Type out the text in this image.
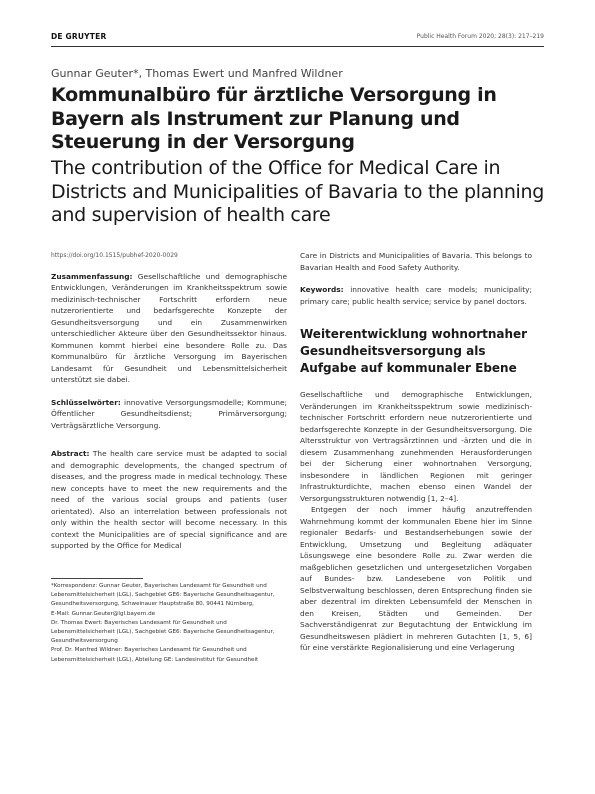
DE GRUYTER	Public Health Forum 2020; 28(3): 217–219
Gunnar Geuter*, Thomas Ewert und Manfred Wildner
Kommunalbüro für ärztliche Versorgung in Bayern als Instrument zur Planung und Steuerung in der Versorgung
The contribution of the Office for Medical Care in Districts and Municipalities of Bavaria to the planning and supervision of health care
https://doi.org/10.1515/pubhef-2020-0029

Zusammenfassung: Gesellschaftliche und demographische Entwicklungen, Veränderungen im Krankheitsspektrum sowie medizinisch-technischer Fortschritt erfordern neue nutzerorientierte und bedarfsgerechte Konzepte der Gesundheitsversorgung und ein Zusammenwirken unterschiedlicher Akteure über den Gesundheitssektor hinaus. Kommunen kommt hierbei eine besondere Rolle zu. Das Kommunalbüro für ärztliche Versorgung im Bayerischen Landesamt für Gesundheit und Lebensmittelsicherheit unterstützt sie dabei.

Schlüsselwörter: innovative Versorgungsmodelle; Kommune; Öffentlicher Gesundheitsdienst; Primärversorgung; Verträgsärztliche Versorgung.

Abstract: The health care service must be adapted to social and demographic developments, the changed spectrum of diseases, and the progress made in medical technology. These new concepts have to meet the new requirements and the need of the various social groups and patients (user orientated). Also an interrelation between professionals not only within the health sector will become necessary. In this context the Municipalities are of special significance and are supported by the Office for Medical

Care in Districts and Municipalities of Bavaria. This belongs to Bavarian Health and Food Safety Authority.

Keywords: innovative health care models; municipality; primary care; public health service; service by panel doctors.

Weiterentwicklung wohnortnaher Gesundheitsversorgung als Aufgabe auf kommunaler Ebene

Gesellschaftliche und demographische Entwicklungen, Veränderungen im Krankheitsspektrum sowie medizinisch-technischer Fortschritt erfordern neue nutzerorientierte und bedarfsgerechte Konzepte in der Gesundheitsversorgung. Die Altersstruktur von Vertragsärztinnen und -ärzten und die in diesem Zusammenhang zunehmenden Herausforderungen bei der Sicherung einer wohnortnahen Versorgung, insbesondere in ländlichen Regionen mit geringer Infrastrukturdichte, machen ebenso einen Wandel der Versorgungsstrukturen notwendig [1, 2–4].

Entgegen der noch immer häufig anzutreffenden Wahrnehmung kommt der kommunalen Ebene hier im Sinne regionaler Bedarfs- und Bestandserhebungen sowie der Entwicklung, Umsetzung und Begleitung adäquater Lösungswege eine besondere Rolle zu. Zwar werden die maßgeblichen gesetzlichen und untergesetzlichen Vorgaben auf Bundes- bzw. Landesebene von Politik und Selbstverwaltung beschlossen, deren Entsprechung finden sie aber dezentral im direkten Lebensumfeld der Menschen in den Kreisen, Städten und Gemeinden. Der Sachverständigenrat zur Begutachtung der Entwicklung im Gesundheitswesen plädiert in mehreren Gutachten [1, 5, 6] für eine verstärkte Regionalisierung und eine Verlagerung

*Korrespondenz: Gunnar Geuter, Bayerisches Landesamt für Gesundheit und Lebensmittelsicherheit (LGL), Sachgebiet GE6: Bayerische Gesundheitsagentur, Gesundheitsversorgung, Schweinauer Hauptstraße 80, 90441 Nürnberg,

E-Mail: Gunnar.Geuter@lgl.bayern.de

Dr. Thomas Ewert: Bayerisches Landesamt für Gesundheit und Lebensmittelsicherheit (LGL), Sachgebiet GE6: Bayerische Gesundheitsagentur, Gesundheitsversorgung

Prof. Dr. Manfred Wildner: Bayerisches Landesamt für Gesundheit und Lebensmittelsicherheit (LGL), Abteilung GE: Landesinstitut für Gesundheit
